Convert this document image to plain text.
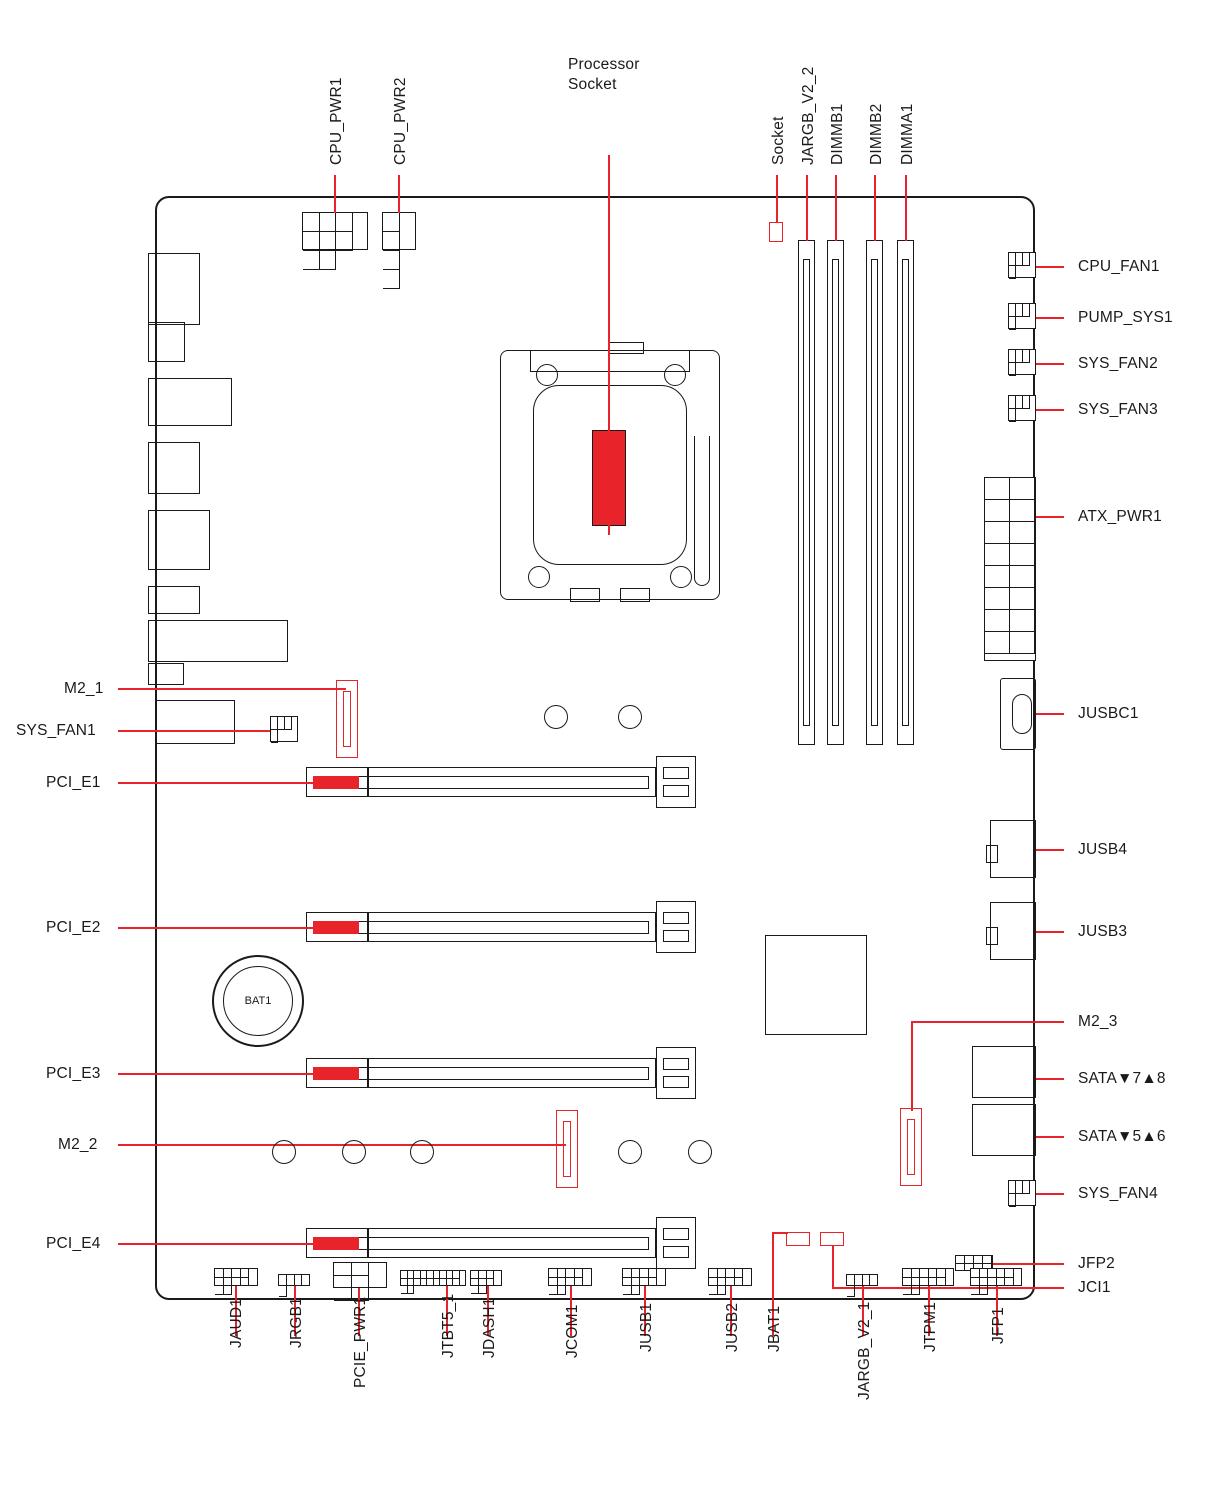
CPU_PWR1	CPU_PWR2
Processor
Socket	JARGB_V2_2 DIMMB1 DIMMB2 DIMMA1
Socket
CPU_FAN1
PUMP_SYS1
SYS_FAN2
SYS_FAN3
ATX_PWR1
JUSBC1
JUSB4
JUSB3
M2_3
SATA▼7▲8
SATA▼5▲6
SYS_FAN4
JFP2
JCI1
M2_1
SYS_FAN1
PCI_E1
PCI_E2
PCI_E3
PCI_E4
M2_2
BAT1
JAUD1	JRGB1	PCIE_PWR1	JTBT5_1 JDASH1	JCOM1	JUSB1	JUSB2 JBAT1	JARGB_V2_1	JTPM1	JFP1
